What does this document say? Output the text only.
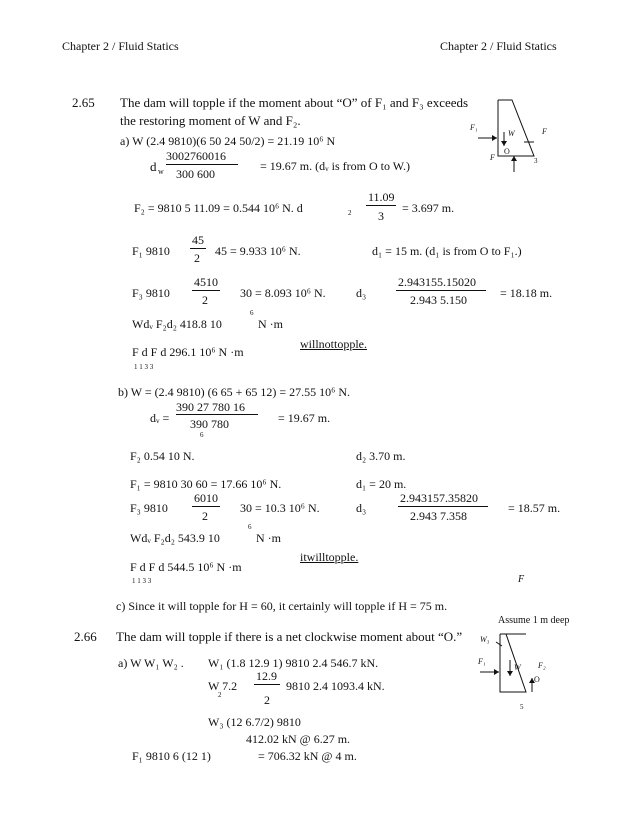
Chapter 2 / Fluid Statics	Chapter 2 / Fluid Statics
2.65 The dam will topple if the moment about “O” of F₁ and F₃ exceeds
the restoring moment of W and F₂.
a) W (2.4 9810)(6 50 24 50/2) = 21.19 10⁶ N
d w
3002760016
300 600
= 19.67 m. (dᵥ is from O to W.)
F₂ = 9810 5 11.09 = 0.544 10⁶ N. d	2
11.09
3
= 3.697 m.
F₁ 9810
45
2 45 = 9.933 10⁶ N.	d₁ = 15 m. (d₁ is from O to F₁.)
F₃ 9810
4510
2	30 = 8.093 10⁶ N.	d₃
2.943155.15020
2.943 5.150	= 18.18 m.
6
Wdᵥ F₂d₂ 418.8 10	N ·m
willnottopple.
F d F d 296.1 10⁶ N ·m
1 1 3 3
b) W = (2.4 9810) (6 65 + 65 12) = 27.55 10⁶ N.
dᵥ =
390 27 780 16
390 780	= 19.67 m.
6
F₂ 0.54 10 N.	d₂ 3.70 m.
F₁ = 9810 30 60 = 17.66 10⁶ N.	d₁ = 20 m.
F₃ 9810
6010
2
30 = 10.3 10⁶ N.	d₃
2.943157.35820
2.943 7.358
= 18.57 m.
6
Wdᵥ F₂d₂ 543.9 10	N ·m
itwilltopple.
F d F d 544.5 10⁶ N ·m
1 1 3 3	F
c) Since it will topple for H = 60, it certainly will topple if H = 75 m.
F₁
W	F
F
O
3
Assume 1 m deep
2.66 The dam will topple if there is a net clockwise moment about “O.”
a) W W₁ W₂ . W₁ (1.8 12.9 1) 9810 2.4 546.7 kN.
W 7.2
12.9
2
9810 2.4 1093.4 kN.
2
W₃ (12 6.7/2) 9810
412.02 kN @ 6.27 m.
F₁ 9810 6 (12 1)	= 706.32 kN @ 4 m.
W₃
F₁
W F₂
O
5
